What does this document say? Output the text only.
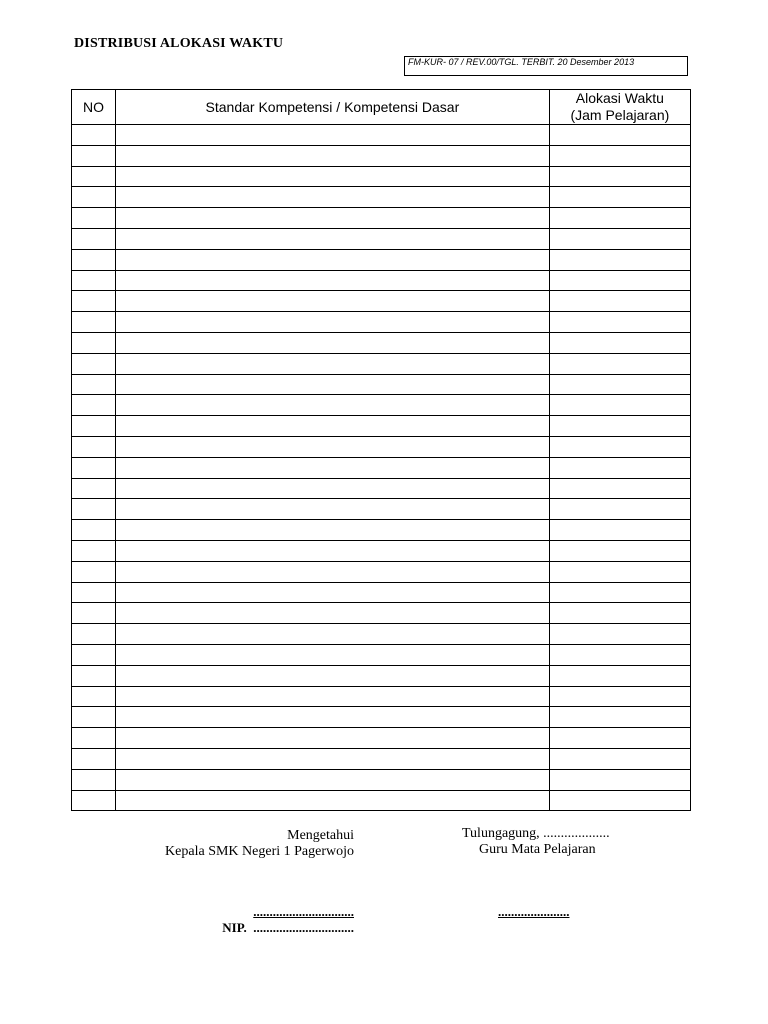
DISTRIBUSI ALOKASI WAKTU
FM-KUR- 07 / REV.00/TGL. TERBIT. 20 Desember 2013
NO	Standar Kompetensi / Kompetensi Dasar	Alokasi Waktu
(Jam Pelajaran)

Mengetahui
Kepala SMK Negeri 1 Pagerwojo
Tulungagung, ...................
Guru Mata Pelajaran
...............................
NIP. ...............................
......................
